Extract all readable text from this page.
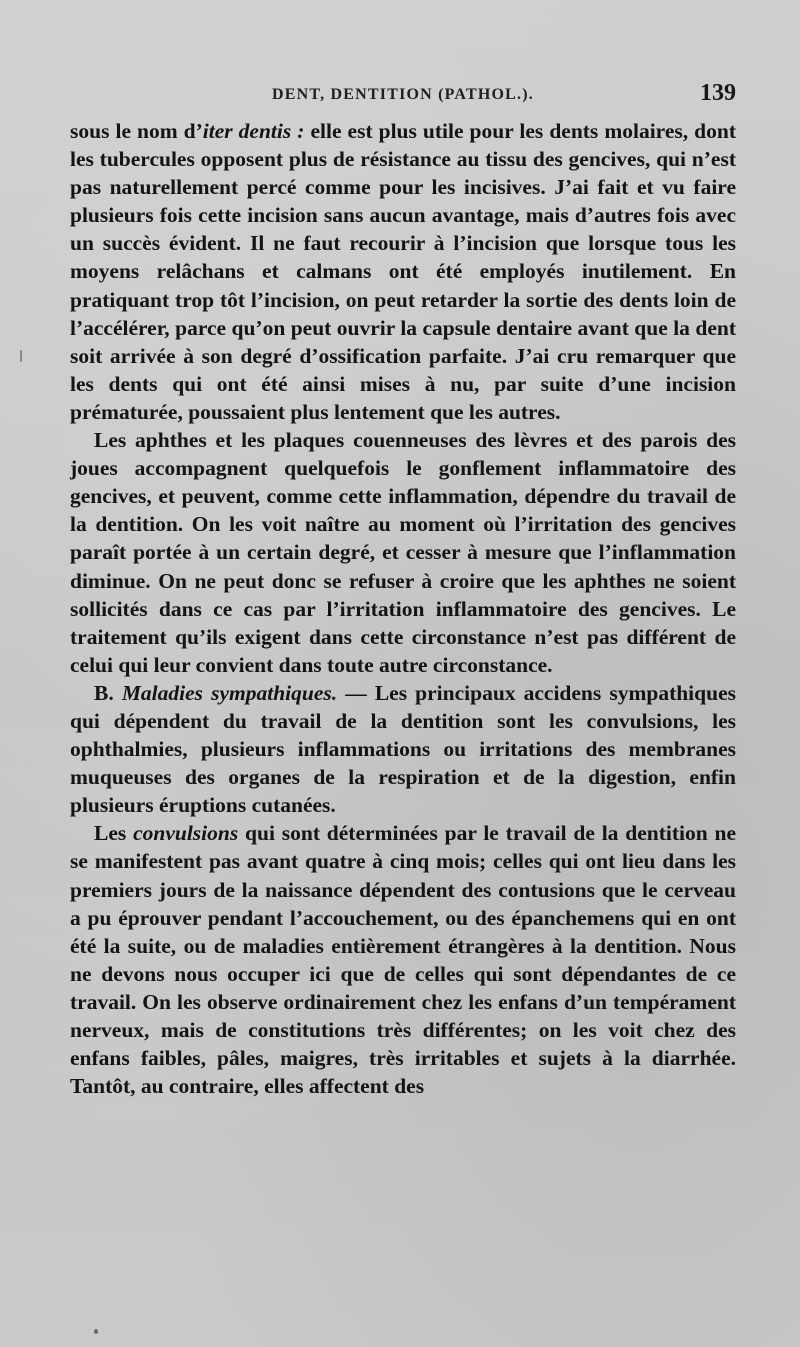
DENT, DENTITION (PATHOL.).	139

sous le nom d’iter dentis : elle est plus utile pour les dents molaires, dont les tubercules opposent plus de résistance au tissu des gencives, qui n’est pas naturellement percé comme pour les incisives. J’ai fait et vu faire plusieurs fois cette incision sans aucun avantage, mais d’autres fois avec un succès évident. Il ne faut recourir à l’incision que lorsque tous les moyens relâchans et calmans ont été employés inutilement. En pratiquant trop tôt l’incision, on peut retarder la sortie des dents loin de l’accélérer, parce qu’on peut ouvrir la capsule dentaire avant que la dent soit arrivée à son degré d’ossification parfaite. J’ai cru remarquer que les dents qui ont été ainsi mises à nu, par suite d’une incision prématurée, poussaient plus lentement que les autres.

Les aphthes et les plaques couenneuses des lèvres et des parois des joues accompagnent quelquefois le gonflement inflammatoire des gencives, et peuvent, comme cette inflammation, dépendre du travail de la dentition. On les voit naître au moment où l’irritation des gencives paraît portée à un certain degré, et cesser à mesure que l’inflammation diminue. On ne peut donc se refuser à croire que les aphthes ne soient sollicités dans ce cas par l’irritation inflammatoire des gencives. Le traitement qu’ils exigent dans cette circonstance n’est pas différent de celui qui leur convient dans toute autre circonstance.

B. Maladies sympathiques. — Les principaux accidens sympathiques qui dépendent du travail de la dentition sont les convulsions, les ophthalmies, plusieurs inflammations ou irritations des membranes muqueuses des organes de la respiration et de la digestion, enfin plusieurs éruptions cutanées.

Les convulsions qui sont déterminées par le travail de la dentition ne se manifestent pas avant quatre à cinq mois; celles qui ont lieu dans les premiers jours de la naissance dépendent des contusions que le cerveau a pu éprouver pendant l’accouchement, ou des épanchemens qui en ont été la suite, ou de maladies entièrement étrangères à la dentition. Nous ne devons nous occuper ici que de celles qui sont dépendantes de ce travail. On les observe ordinairement chez les enfans d’un tempérament nerveux, mais de constitutions très différentes; on les voit chez des enfans faibles, pâles, maigres, très irritables et sujets à la diarrhée. Tantôt, au contraire, elles affectent des
